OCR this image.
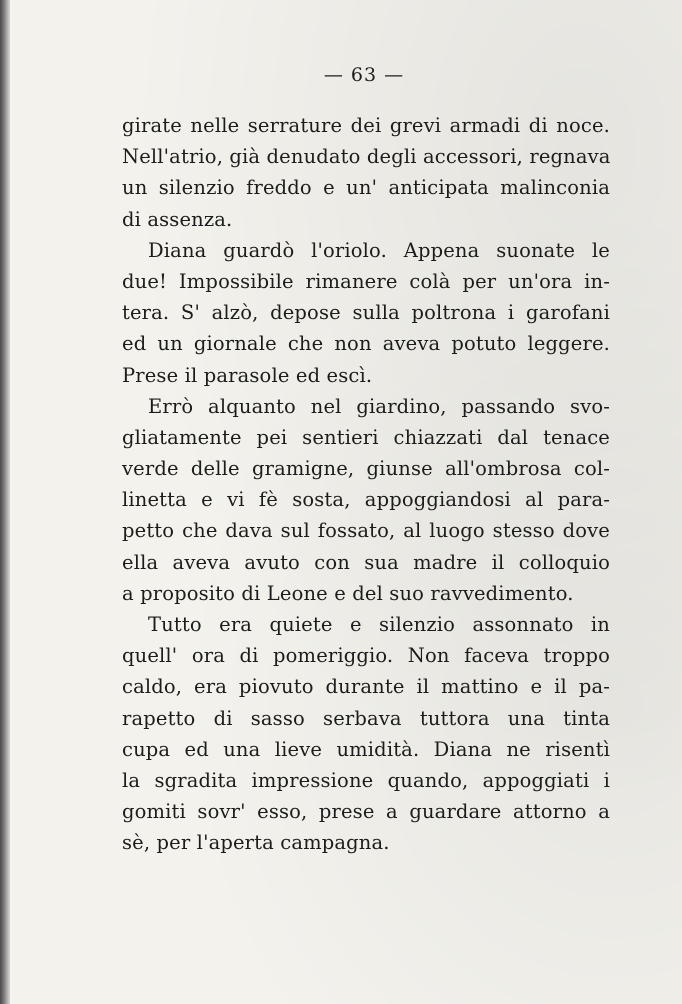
— 63 —
girate nelle serrature dei grevi armadi di noce.
Nell'atrio, già denudato degli accessori, regnava
un silenzio freddo e un' anticipata malinconia
di assenza.
Diana guardò l'oriolo. Appena suonate le
due! Impossibile rimanere colà per un'ora in-
tera. S' alzò, depose sulla poltrona i garofani
ed un giornale che non aveva potuto leggere.
Prese il parasole ed escì.
Errò alquanto nel giardino, passando svo-
gliatamente pei sentieri chiazzati dal tenace
verde delle gramigne, giunse all'ombrosa col-
linetta e vi fè sosta, appoggiandosi al para-
petto che dava sul fossato, al luogo stesso dove
ella aveva avuto con sua madre il colloquio
a proposito di Leone e del suo ravvedimento.
Tutto era quiete e silenzio assonnato in
quell' ora di pomeriggio. Non faceva troppo
caldo, era piovuto durante il mattino e il pa-
rapetto di sasso serbava tuttora una tinta
cupa ed una lieve umidità. Diana ne risentì
la sgradita impressione quando, appoggiati i
gomiti sovr' esso, prese a guardare attorno a
sè, per l'aperta campagna.
